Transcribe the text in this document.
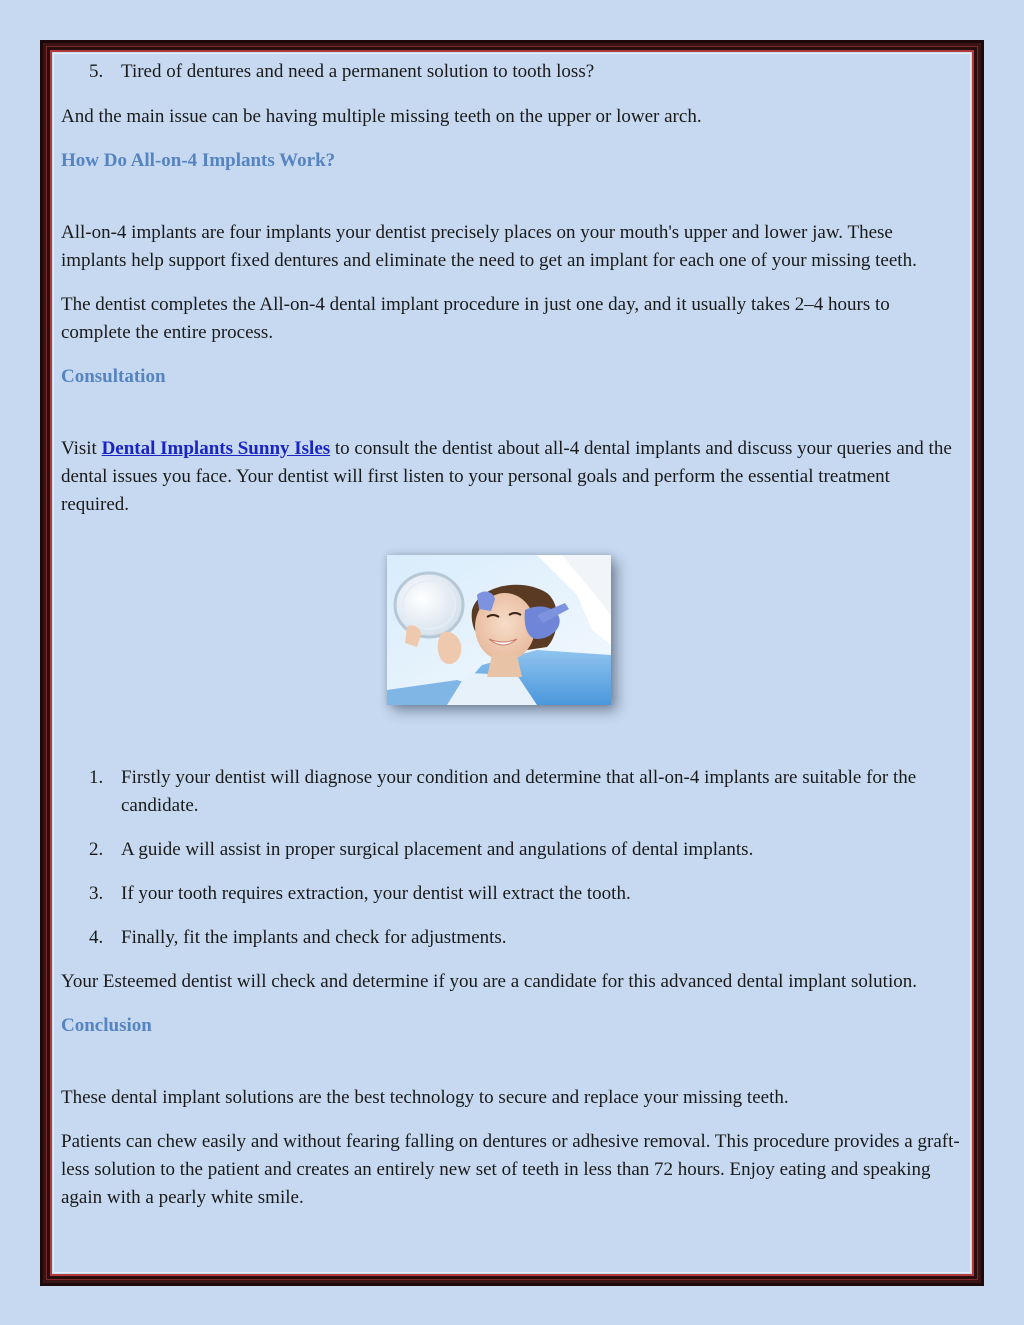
5. Tired of dentures and need a permanent solution to tooth loss?

And the main issue can be having multiple missing teeth on the upper or lower arch.

How Do All-on-4 Implants Work?

All-on-4 implants are four implants your dentist precisely places on your mouth's upper and lower jaw. These implants help support fixed dentures and eliminate the need to get an implant for each one of your missing teeth.

The dentist completes the All-on-4 dental implant procedure in just one day, and it usually takes 2–4 hours to complete the entire process.

Consultation

Visit Dental Implants Sunny Isles to consult the dentist about all-4 dental implants and discuss your queries and the dental issues you face. Your dentist will first listen to your personal goals and perform the essential treatment required.

1. Firstly your dentist will diagnose your condition and determine that all-on-4 implants are suitable for the candidate.

2. A guide will assist in proper surgical placement and angulations of dental implants.

3. If your tooth requires extraction, your dentist will extract the tooth.

4. Finally, fit the implants and check for adjustments.

Your Esteemed dentist will check and determine if you are a candidate for this advanced dental implant solution.

Conclusion

These dental implant solutions are the best technology to secure and replace your missing teeth.

Patients can chew easily and without fearing falling on dentures or adhesive removal. This procedure provides a graft-less solution to the patient and creates an entirely new set of teeth in less than 72 hours. Enjoy eating and speaking again with a pearly white smile.
